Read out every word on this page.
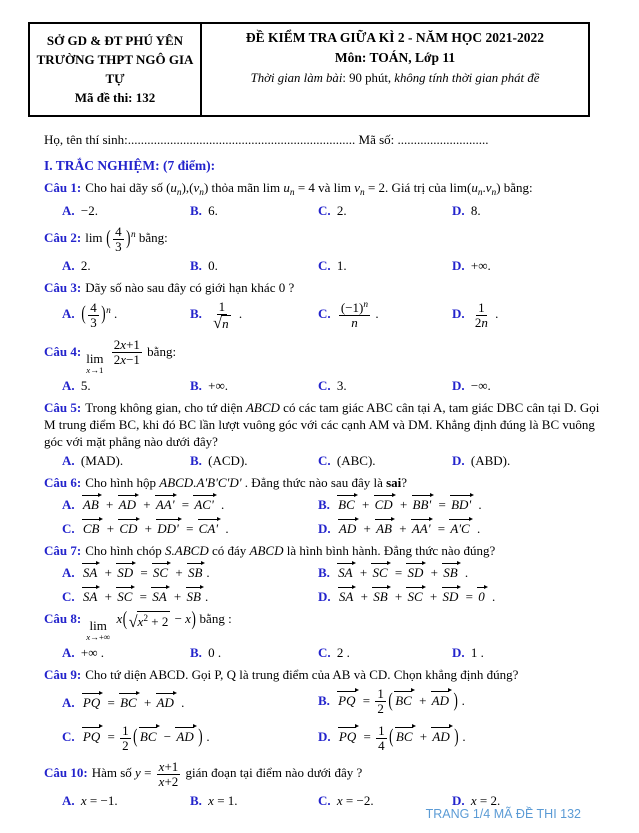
SỞ GD & ĐT PHÚ YÊN
TRƯỜNG THPT NGÔ GIA TỰ
Mã đề thi: 132
ĐỀ KIỂM TRA GIỮA KÌ 2 - NĂM HỌC 2021-2022
Môn: TOÁN, Lớp 11
Thời gian làm bài: 90 phút, không tính thời gian phát đề
Họ, tên thí sinh:...................................................................... Mã số: ............................
I. TRẮC NGHIỆM: (7 điểm):
Câu 1: Cho hai dãy số $(u_n),(v_n)$ thỏa mãn $\lim u_n = 4$ và $\lim v_n = 2$. Giá trị của $\lim(u_n.v_n)$ bằng:
A. −2.	B. 6.	C. 2.	D. 8.
Câu 2: lim ( $\frac{4}{3} )^n$ bằng:
A. 2.	B. 0.	C. 1.	D. +∞.
Câu 3: Dãy số nào sau đây có giới hạn khác 0 ?
A. ( $\frac{4}{3} )^n$ .	B. $\frac{1}{√ n}$ .	C. $\frac{(-1)^n}{n}$ .	D. $\frac{1}{2n}$ .
Câu 4: lim
x→1

$\frac{2x+1}{2x-1}$ bằng:
A. 5.	B. +∞.	C. 3.	D. −∞.
Câu 5: Trong không gian, cho tứ diện ABCD có các tam giác ABC cân tại A, tam giác DBC cân tại D. Gọi M trung điểm BC, khi đó BC lần lượt vuông góc với các cạnh AM và DM. Khẳng định đúng là BC vuông góc với mặt phẳng nào dưới đây?
A. (MAD).	B. (ACD).	C. (ABC).	D. (ABD).
Câu 6: Cho hình hộp ABCD.A'B'C'D' . Đẳng thức nào sau đây là sai?
A. AB + AD + AA' = AC' .	B. BC + CD + BB' = BD' .
C. CB + CD + DD' = CA' .	D. AD + AB + AA' = A'C .
Câu 7: Cho hình chóp S.ABCD có đáy ABCD là hình bình hành. Đẳng thức nào đúng?
A. SA + SD = SC + SB .	B. SA + SC = SD + SB .
C. SA + SC = SA + SB .	D. SA + SB + SC + SD = 0 .
Câu 8: lim
x→+∞
x( √ $x^2 + 2 - x$) bằng :
A. +∞ .	B. 0 .	C. 2 .	D. 1 .
Câu 9: Cho tứ diện ABCD. Gọi P, Q là trung điểm của AB và CD. Chọn khẳng định đúng?
A. PQ = BC + AD .	B. PQ = $\frac{1}{2}$ ( BC + AD ) .
C. PQ = $\frac{1}{2}$ ( BC − AD ) .	D. PQ = $\frac{1}{4}$ ( BC + AD ) .
Câu 10: Hàm số $y = \frac{x+1}{x+2}$ gián đoạn tại điểm nào dưới đây ?
A. x = −1.	B. x = 1.	C. x = −2.	D. x = 2.
TRANG 1/4 MÃ ĐỀ THI 132
